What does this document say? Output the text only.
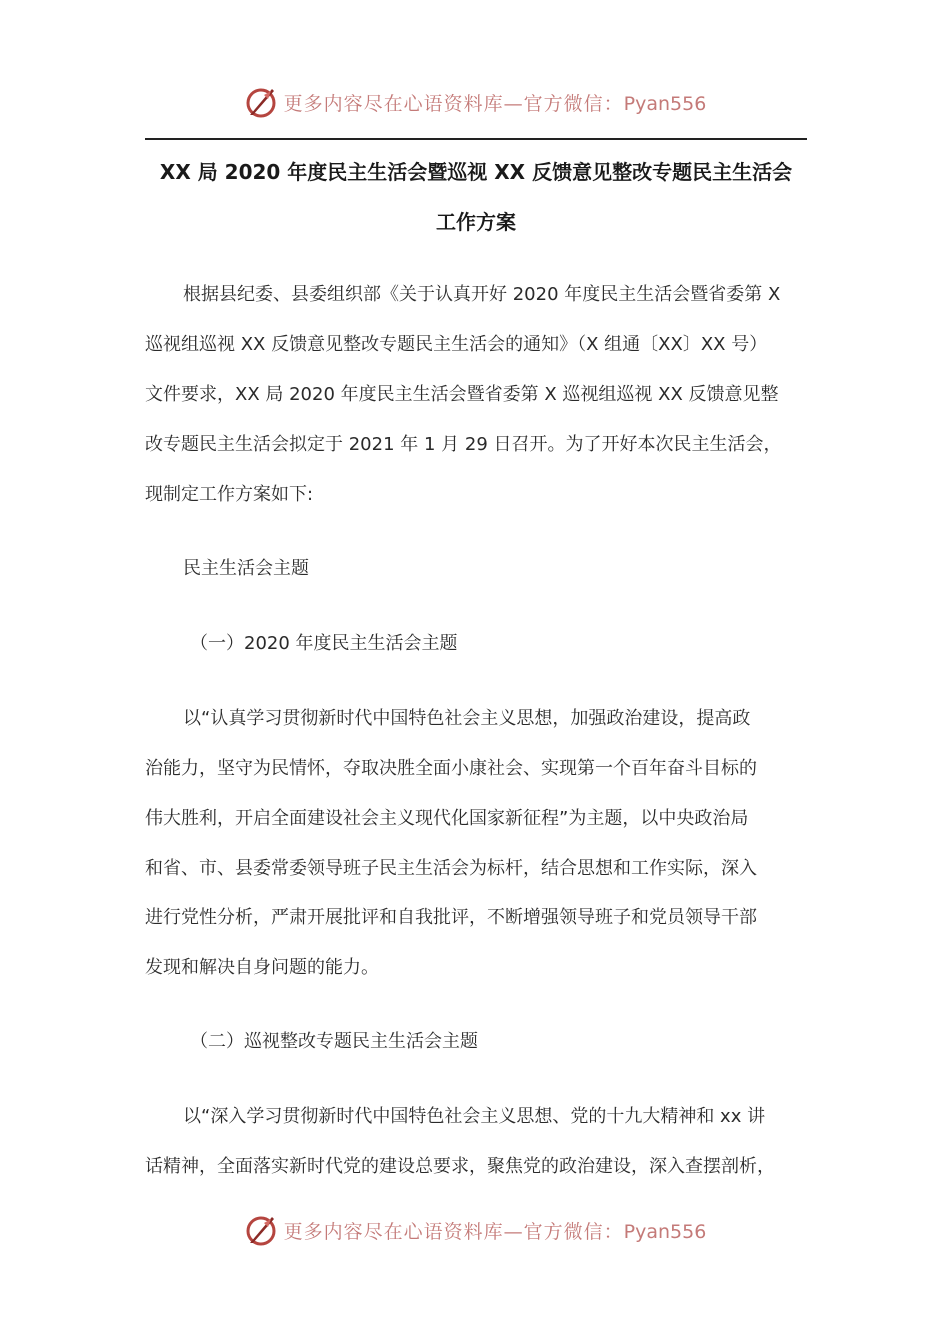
更多内容尽在心语资料库—官方微信：Pyan556
XX 局 2020 年度民主生活会暨巡视 XX 反馈意见整改专题民主生活会
工作方案
根据县纪委、县委组织部《关于认真开好 2020 年度民主生活会暨省委第 X
巡视组巡视 XX 反馈意见整改专题民主生活会的通知》（X 组通〔XX〕XX 号）
文件要求，XX 局 2020 年度民主生活会暨省委第 X 巡视组巡视 XX 反馈意见整
改专题民主生活会拟定于 2021 年 1 月 29 日召开。为了开好本次民主生活会，
现制定工作方案如下:
民主生活会主题
（一）2020 年度民主生活会主题
以“认真学习贯彻新时代中国特色社会主义思想，加强政治建设，提高政
治能力，坚守为民情怀，夺取决胜全面小康社会、实现第一个百年奋斗目标的
伟大胜利，开启全面建设社会主义现代化国家新征程”为主题，以中央政治局
和省、市、县委常委领导班子民主生活会为标杆，结合思想和工作实际，深入
进行党性分析，严肃开展批评和自我批评，不断增强领导班子和党员领导干部
发现和解决自身问题的能力。
（二）巡视整改专题民主生活会主题
以“深入学习贯彻新时代中国特色社会主义思想、党的十九大精神和 xx 讲
话精神，全面落实新时代党的建设总要求，聚焦党的政治建设，深入查摆剖析，
更多内容尽在心语资料库—官方微信：Pyan556
